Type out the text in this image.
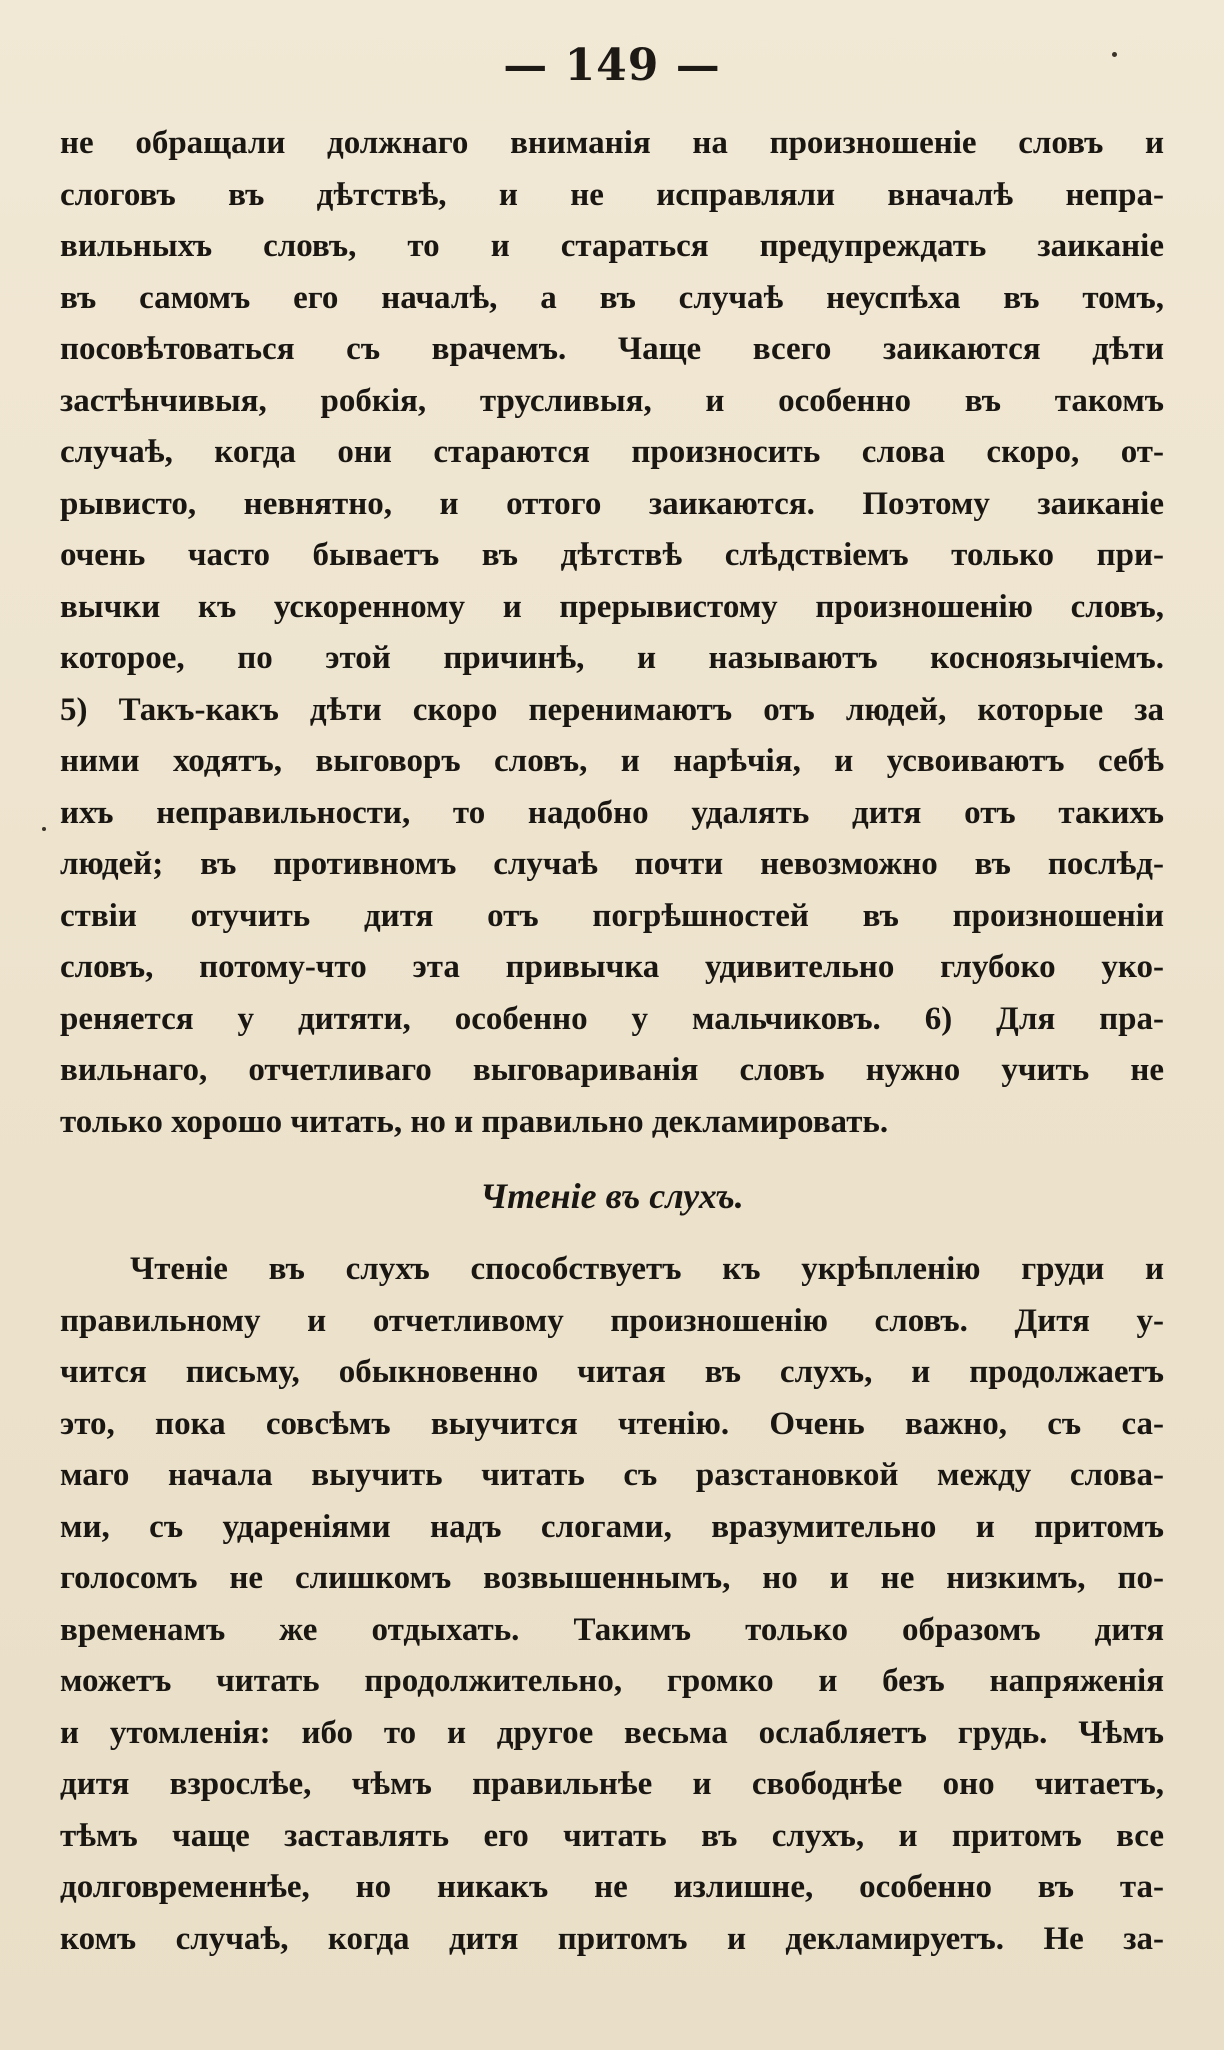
— 149 —
не обращали должнаго вниманія на произношеніе словъ и
слоговъ въ дѣтствѣ, и не исправляли вначалѣ непра-
вильныхъ словъ, то и стараться предупреждать заиканіе
въ самомъ его началѣ, а въ случаѣ неуспѣха въ томъ,
посовѣтоваться съ врачемъ. Чаще всего заикаются дѣти
застѣнчивыя, робкія, трусливыя, и особенно въ такомъ
случаѣ, когда они стараются произносить слова скоро, от-
рывисто, невнятно, и оттого заикаются. Поэтому заиканіе
очень часто бываетъ въ дѣтствѣ слѣдствіемъ только при-
вычки къ ускоренному и прерывистому произношенію словъ,
которое, по этой причинѣ, и называютъ косноязычіемъ.
5) Такъ-какъ дѣти скоро перенимаютъ отъ людей, которые за
ними ходятъ, выговоръ словъ, и нарѣчія, и усвоиваютъ себѣ
ихъ неправильности, то надобно удалять дитя отъ такихъ
людей; въ противномъ случаѣ почти невозможно въ послѣд-
ствіи отучить дитя отъ погрѣшностей въ произношеніи
словъ, потому-что эта привычка удивительно глубоко уко-
реняется у дитяти, особенно у мальчиковъ. 6) Для пра-
вильнаго, отчетливаго выговариванія словъ нужно учить не
только хорошо читать, но и правильно декламировать.
Чтеніе въ слухъ.
Чтеніе въ слухъ способствуетъ къ укрѣпленію груди и
правильному и отчетливому произношенію словъ. Дитя у-
чится письму, обыкновенно читая въ слухъ, и продолжаетъ
это, пока совсѣмъ выучится чтенію. Очень важно, съ са-
маго начала выучить читать съ разстановкой между слова-
ми, съ удареніями надъ слогами, вразумительно и притомъ
голосомъ не слишкомъ возвышеннымъ, но и не низкимъ, по-
временамъ же отдыхать. Такимъ только образомъ дитя
можетъ читать продолжительно, громко и безъ напряженія
и утомленія: ибо то и другое весьма ослабляетъ грудь. Чѣмъ
дитя взрослѣе, чѣмъ правильнѣе и свободнѣе оно читаетъ,
тѣмъ чаще заставлять его читать въ слухъ, и притомъ все
долговременнѣе, но никакъ не излишне, особенно въ та-
комъ случаѣ, когда дитя притомъ и декламируетъ. Не за-
